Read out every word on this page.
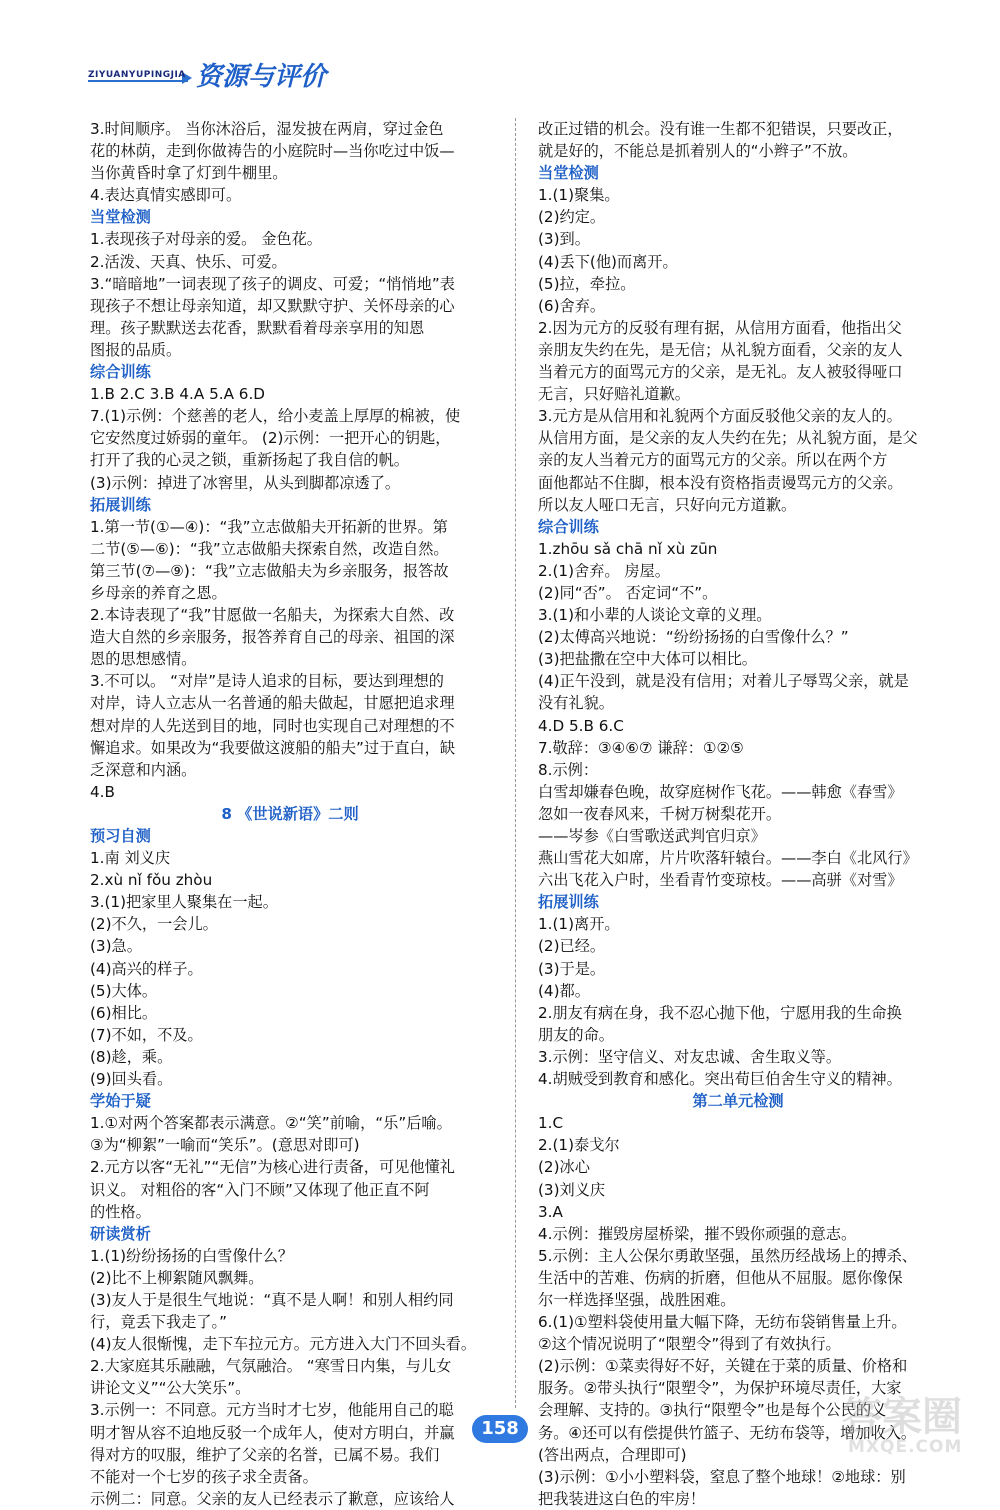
ZIYUANYUPINGJIA 资源与评价
3.时间顺序。 当你沐浴后，湿发披在两肩，穿过金色
花的林荫，走到你做祷告的小庭院时—当你吃过中饭—
当你黄昏时拿了灯到牛棚里。
4.表达真情实感即可。
当堂检测
1.表现孩子对母亲的爱。 金色花。
2.活泼、天真、快乐、可爱。
3.“暗暗地”一词表现了孩子的调皮、可爱；“悄悄地”表
现孩子不想让母亲知道，却又默默守护、关怀母亲的心
理。孩子默默送去花香，默默看着母亲享用的知恩
图报的品质。
综合训练
1.B 2.C 3.B 4.A 5.A 6.D
7.(1)示例：个慈善的老人，给小麦盖上厚厚的棉被，使
它安然度过娇弱的童年。 (2)示例：一把开心的钥匙，
打开了我的心灵之锁，重新扬起了我自信的帆。
(3)示例：掉进了冰窖里，从头到脚都凉透了。
拓展训练
1.第一节(①—④)：“我”立志做船夫开拓新的世界。第
二节(⑤—⑥)：“我”立志做船夫探索自然，改造自然。
第三节(⑦—⑨)：“我”立志做船夫为乡亲服务，报答故
乡母亲的养育之恩。
2.本诗表现了“我”甘愿做一名船夫，为探索大自然、改
造大自然的乡亲服务，报答养育自己的母亲、祖国的深
恩的思想感情。
3.不可以。 “对岸”是诗人追求的目标，要达到理想的
对岸，诗人立志从一名普通的船夫做起，甘愿把追求理
想对岸的人先送到目的地，同时也实现自己对理想的不
懈追求。如果改为“我要做这渡船的船夫”过于直白，缺
乏深意和内涵。
4.B
8 《世说新语》二则
预习自测
1.南 刘义庆
2.xù nǐ fǒu zhòu
3.(1)把家里人聚集在一起。
(2)不久，一会儿。
(3)急。
(4)高兴的样子。
(5)大体。
(6)相比。
(7)不如，不及。
(8)趁，乘。
(9)回头看。
学始于疑
1.①对两个答案都表示满意。②“笑”前喻，“乐”后喻。
③为“柳絮”一喻而“笑乐”。(意思对即可)
2.元方以客“无礼”“无信”为核心进行责备，可见他懂礼
识义。 对粗俗的客“入门不顾”又体现了他正直不阿
的性格。
研读赏析
1.(1)纷纷扬扬的白雪像什么？
(2)比不上柳絮随风飘舞。
(3)友人于是很生气地说：“真不是人啊！和别人相约同
行，竟丢下我走了。”
(4)友人很惭愧，走下车拉元方。元方进入大门不回头看。
2.大家庭其乐融融，气氛融洽。 “寒雪日内集，与儿女
讲论文义”“公大笑乐”。
3.示例一：不同意。元方当时才七岁，他能用自己的聪
明才智从容不迫地反驳一个成年人，使对方明白，并赢
得对方的叹服，维护了父亲的名誉，已属不易。我们
不能对一个七岁的孩子求全责备。
示例二：同意。父亲的友人已经表示了歉意，应该给人
改正过错的机会。没有谁一生都不犯错误，只要改正，
就是好的，不能总是抓着别人的“小辫子”不放。
当堂检测
1.(1)聚集。
(2)约定。
(3)到。
(4)丢下(他)而离开。
(5)拉，牵拉。
(6)舍弃。
2.因为元方的反驳有理有据，从信用方面看，他指出父
亲朋友失约在先，是无信；从礼貌方面看，父亲的友人
当着元方的面骂元方的父亲，是无礼。友人被驳得哑口
无言，只好赔礼道歉。
3.元方是从信用和礼貌两个方面反驳他父亲的友人的。
从信用方面，是父亲的友人失约在先；从礼貌方面，是父
亲的友人当着元方的面骂元方的父亲。所以在两个方
面他都站不住脚，根本没有资格指责谩骂元方的父亲。
所以友人哑口无言，只好向元方道歉。
综合训练
1.zhōu sǎ chā nǐ xù zūn
2.(1)舍弃。 房屋。
(2)同“否”。 否定词“不”。
3.(1)和小辈的人谈论文章的义理。
(2)太傅高兴地说：“纷纷扬扬的白雪像什么？”
(3)把盐撒在空中大体可以相比。
(4)正午没到，就是没有信用；对着儿子辱骂父亲，就是
没有礼貌。
4.D 5.B 6.C
7.敬辞：③④⑥⑦ 谦辞：①②⑤
8.示例：
白雪却嫌春色晚，故穿庭树作飞花。——韩愈《春雪》
忽如一夜春风来，千树万树梨花开。
——岑参《白雪歌送武判官归京》
燕山雪花大如席，片片吹落轩辕台。——李白《北风行》
六出飞花入户时，坐看青竹变琼枝。——高骈《对雪》
拓展训练
1.(1)离开。
(2)已经。
(3)于是。
(4)都。
2.朋友有病在身，我不忍心抛下他，宁愿用我的生命换
朋友的命。
3.示例：坚守信义、对友忠诚、舍生取义等。
4.胡贼受到教育和感化。突出荀巨伯舍生守义的精神。
第二单元检测
1.C
2.(1)泰戈尔
(2)冰心
(3)刘义庆
3.A
4.示例：摧毁房屋桥梁，摧不毁你顽强的意志。
5.示例：主人公保尔勇敢坚强，虽然历经战场上的搏杀、
生活中的苦难、伤病的折磨，但他从不屈服。愿你像保
尔一样选择坚强，战胜困难。
6.(1)①塑料袋使用量大幅下降，无纺布袋销售量上升。
②这个情况说明了“限塑令”得到了有效执行。
(2)示例：①菜卖得好不好，关键在于菜的质量、价格和
服务。②带头执行“限塑令”，为保护环境尽责任，大家
会理解、支持的。③执行“限塑令”也是每个公民的义
务。④还可以有偿提供竹篮子、无纺布袋等，增加收入。
(答出两点，合理即可)
(3)示例：①小小塑料袋，窒息了整个地球！②地球：别
把我装进这白色的牢房！
158	答案圈
MXQE.COM
